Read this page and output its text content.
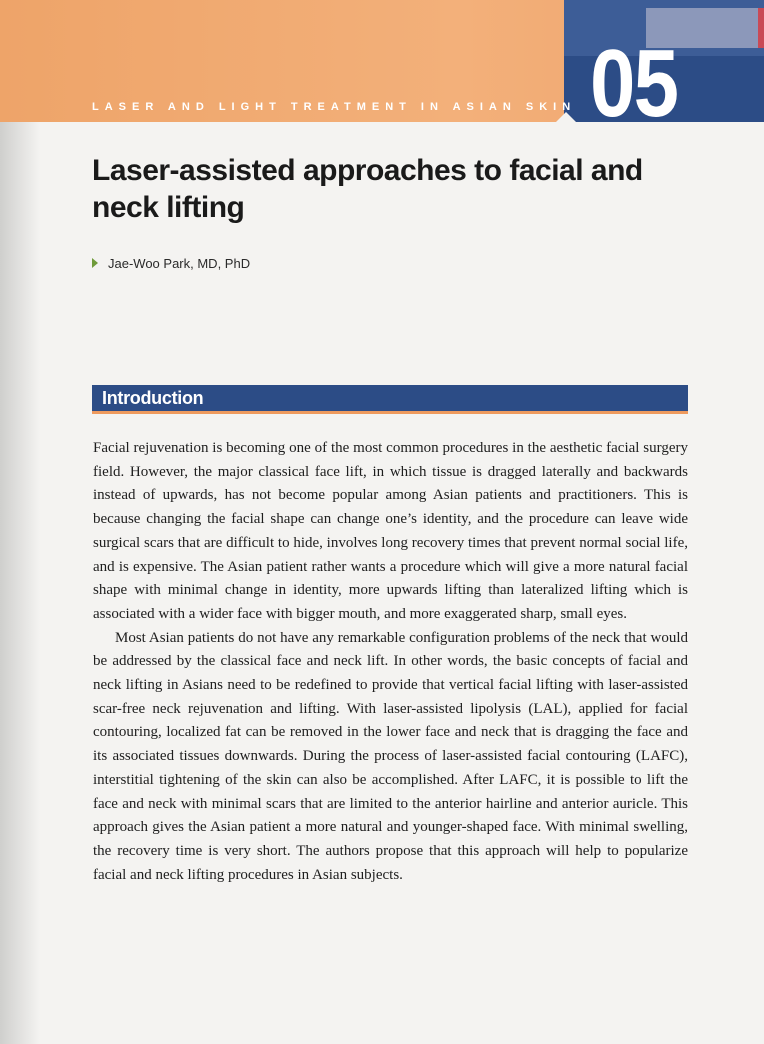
LASER AND LIGHT TREATMENT IN ASIAN SKIN 05
Laser-assisted approaches to facial and neck lifting
Jae-Woo Park, MD, PhD
Introduction

Facial rejuvenation is becoming one of the most common procedures in the aesthetic facial surgery field. However, the major classical face lift, in which tissue is dragged laterally and backwards instead of upwards, has not become popular among Asian patients and practitioners. This is because changing the facial shape can change one’s identity, and the procedure can leave wide surgical scars that are difficult to hide, involves long recovery times that prevent normal social life, and is expensive. The Asian patient rather wants a procedure which will give a more natural facial shape with minimal change in identity, more upwards lifting than lateralized lifting which is associated with a wider face with bigger mouth, and more exaggerated sharp, small eyes.

Most Asian patients do not have any remarkable configuration problems of the neck that would be addressed by the classical face and neck lift. In other words, the basic concepts of facial and neck lifting in Asians need to be redefined to provide that vertical facial lifting with laser-assisted scar-free neck rejuvenation and lifting. With laser-assisted lipolysis (LAL), applied for facial contouring, localized fat can be removed in the lower face and neck that is dragging the face and its associated tissues downwards. During the process of laser-assisted facial contouring (LAFC), interstitial tightening of the skin can also be accomplished. After LAFC, it is possible to lift the face and neck with minimal scars that are limited to the anterior hairline and anterior auricle. This approach gives the Asian patient a more natural and younger-shaped face. With minimal swelling, the recovery time is very short. The authors propose that this approach will help to popularize facial and neck lifting procedures in Asian subjects.
